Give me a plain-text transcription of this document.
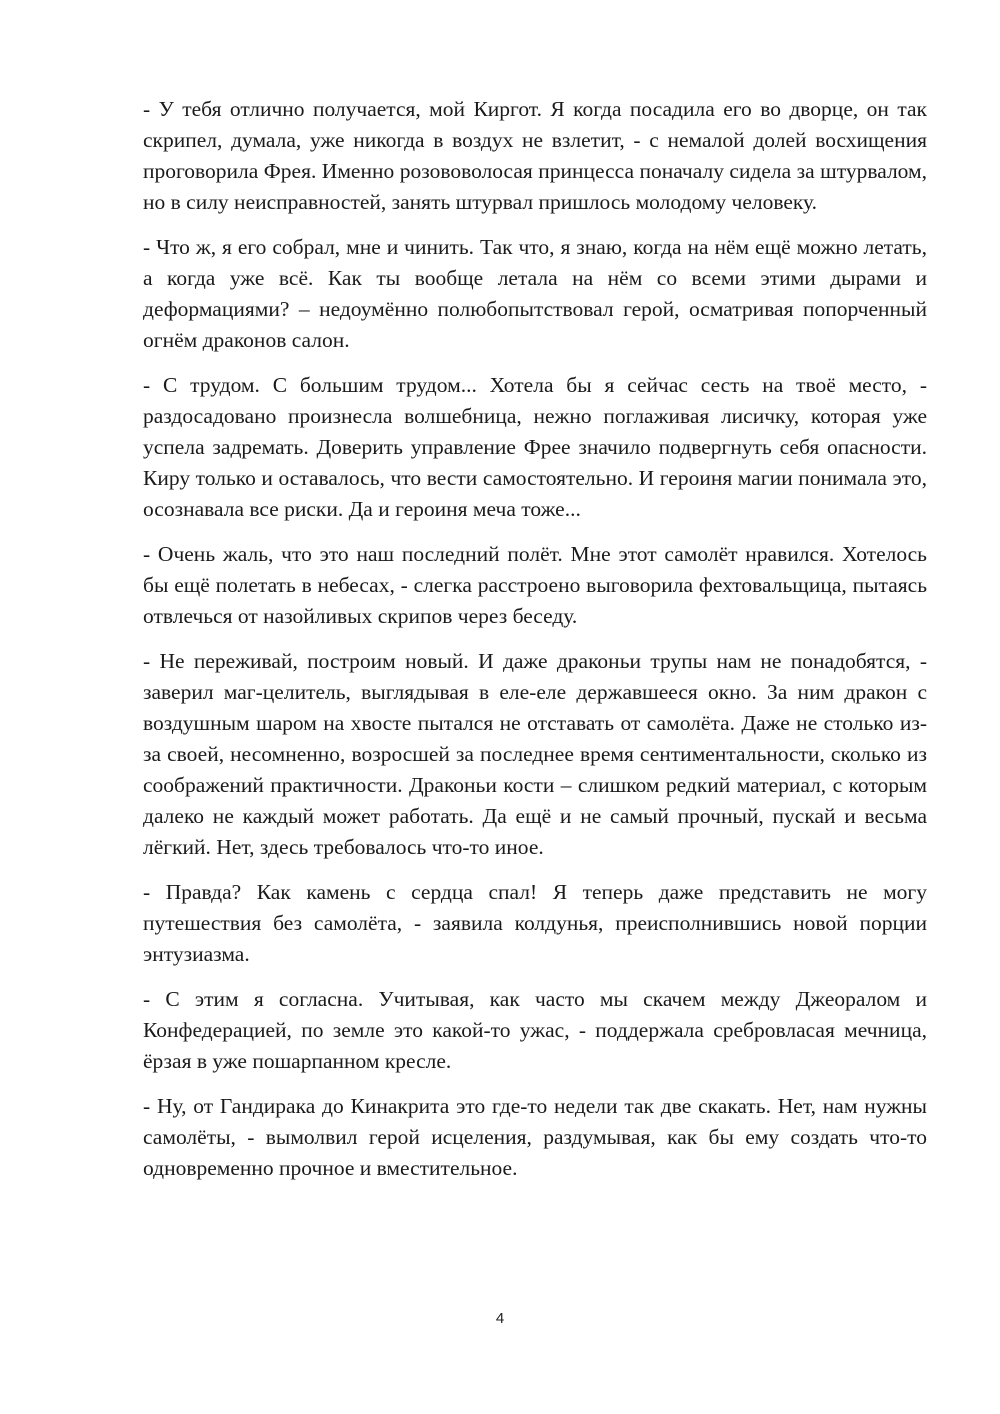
- У тебя отлично получается, мой Киргот. Я когда посадила его во дворце, он так скрипел, думала, уже никогда в воздух не взлетит, - с немалой долей восхищения проговорила Фрея. Именно розововолосая принцесса поначалу сидела за штурвалом, но в силу неисправностей, занять штурвал пришлось молодому человеку.

- Что ж, я его собрал, мне и чинить. Так что, я знаю, когда на нём ещё можно летать, а когда уже всё. Как ты вообще летала на нём со всеми этими дырами и деформациями? – недоумённо полюбопытствовал герой, осматривая попорченный огнём драконов салон.

- С трудом. С большим трудом... Хотела бы я сейчас сесть на твоё место, - раздосадовано произнесла волшебница, нежно поглаживая лисичку, которая уже успела задремать. Доверить управление Фрее значило подвергнуть себя опасности. Киру только и оставалось, что вести самостоятельно. И героиня магии понимала это, осознавала все риски. Да и героиня меча тоже...

- Очень жаль, что это наш последний полёт. Мне этот самолёт нравился. Хотелось бы ещё полетать в небесах, - слегка расстроено выговорила фехтовальщица, пытаясь отвлечься от назойливых скрипов через беседу.

- Не переживай, построим новый. И даже драконьи трупы нам не понадобятся, - заверил маг-целитель, выглядывая в еле-еле державшееся окно. За ним дракон с воздушным шаром на хвосте пытался не отставать от самолёта. Даже не столько из-за своей, несомненно, возросшей за последнее время сентиментальности, сколько из соображений практичности. Драконьи кости – слишком редкий материал, с которым далеко не каждый может работать. Да ещё и не самый прочный, пускай и весьма лёгкий. Нет, здесь требовалось что-то иное.

- Правда? Как камень с сердца спал! Я теперь даже представить не могу путешествия без самолёта, - заявила колдунья, преисполнившись новой порции энтузиазма.

- С этим я согласна. Учитывая, как часто мы скачем между Джеоралом и Конфедерацией, по земле это какой-то ужас, - поддержала сребровласая мечница, ёрзая в уже пошарпанном кресле.

- Ну, от Гандирака до Кинакрита это где-то недели так две скакать. Нет, нам нужны самолёты, - вымолвил герой исцеления, раздумывая, как бы ему создать что-то одновременно прочное и вместительное.

4
